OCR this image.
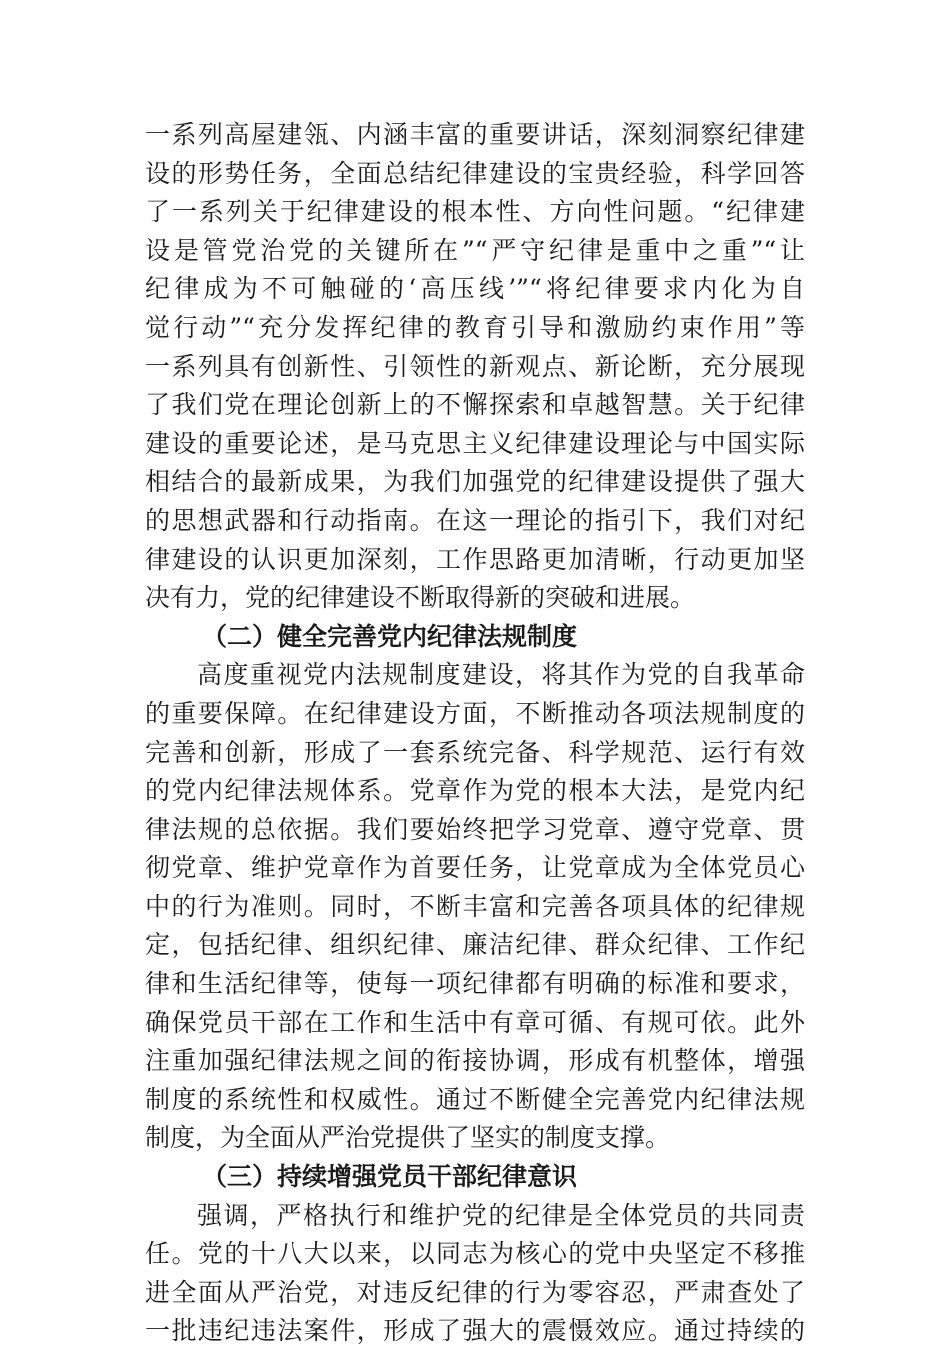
一系列高屋建瓴、内涵丰富的重要讲话，深刻洞察纪律建
设的形势任务，全面总结纪律建设的宝贵经验，科学回答
了一系列关于纪律建设的根本性、方向性问题。“纪律建
设是管党治党的关键所在”“严守纪律是重中之重”“让
纪律成为不可触碰的‘高压线’”“将纪律要求内化为自
觉行动”“充分发挥纪律的教育引导和激励约束作用”等
一系列具有创新性、引领性的新观点、新论断，充分展现
了我们党在理论创新上的不懈探索和卓越智慧。关于纪律
建设的重要论述，是马克思主义纪律建设理论与中国实际
相结合的最新成果，为我们加强党的纪律建设提供了强大
的思想武器和行动指南。在这一理论的指引下，我们对纪
律建设的认识更加深刻，工作思路更加清晰，行动更加坚
决有力，党的纪律建设不断取得新的突破和进展。
（二）健全完善党内纪律法规制度
高度重视党内法规制度建设，将其作为党的自我革命
的重要保障。在纪律建设方面，不断推动各项法规制度的
完善和创新，形成了一套系统完备、科学规范、运行有效
的党内纪律法规体系。党章作为党的根本大法，是党内纪
律法规的总依据。我们要始终把学习党章、遵守党章、贯
彻党章、维护党章作为首要任务，让党章成为全体党员心
中的行为准则。同时，不断丰富和完善各项具体的纪律规
定，包括纪律、组织纪律、廉洁纪律、群众纪律、工作纪
律和生活纪律等，使每一项纪律都有明确的标准和要求，
确保党员干部在工作和生活中有章可循、有规可依。此外
注重加强纪律法规之间的衔接协调，形成有机整体，增强
制度的系统性和权威性。通过不断健全完善党内纪律法规
制度，为全面从严治党提供了坚实的制度支撑。
（三）持续增强党员干部纪律意识
强调，严格执行和维护党的纪律是全体党员的共同责
任。党的十八大以来，以同志为核心的党中央坚定不移推
进全面从严治党，对违反纪律的行为零容忍，严肃查处了
一批违纪违法案件，形成了强大的震慑效应。通过持续的
